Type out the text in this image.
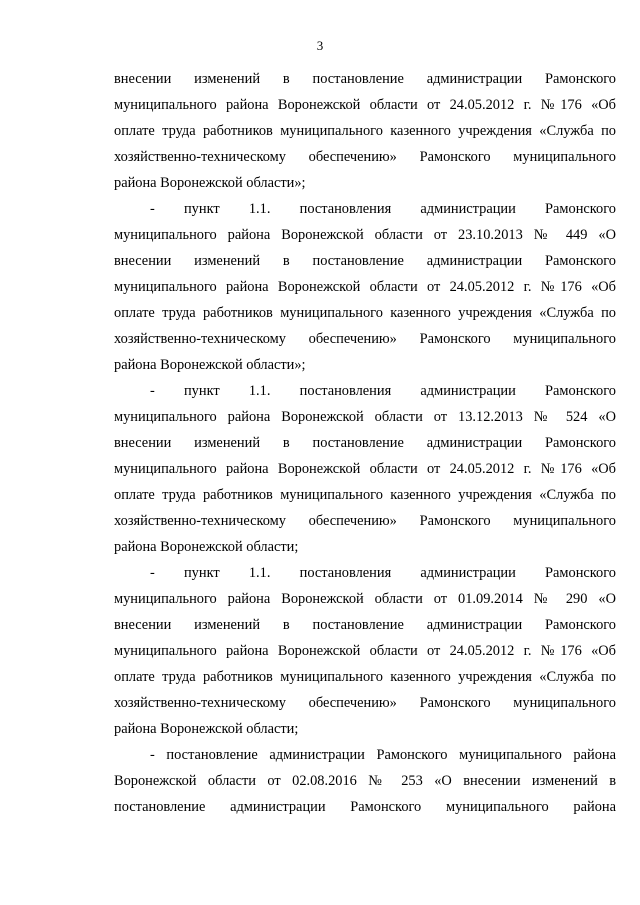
3
внесении изменений в постановление администрации Рамонского
муниципального района Воронежской области от 24.05.2012 г. №176 «Об
оплате труда работников муниципального казенного учреждения «Служба по
хозяйственно-техническому обеспечению» Рамонского муниципального
района Воронежской области»;
- пункт 1.1. постановления администрации Рамонского
муниципального района Воронежской области от 23.10.2013 № 449 «О
внесении изменений в постановление администрации Рамонского
муниципального района Воронежской области от 24.05.2012 г. №176 «Об
оплате труда работников муниципального казенного учреждения «Служба по
хозяйственно-техническому обеспечению» Рамонского муниципального
района Воронежской области»;
- пункт 1.1. постановления администрации Рамонского
муниципального района Воронежской области от 13.12.2013 № 524 «О
внесении изменений в постановление администрации Рамонского
муниципального района Воронежской области от 24.05.2012 г. №176 «Об
оплате труда работников муниципального казенного учреждения «Служба по
хозяйственно-техническому обеспечению» Рамонского муниципального
района Воронежской области;
- пункт 1.1. постановления администрации Рамонского
муниципального района Воронежской области от 01.09.2014 № 290 «О
внесении изменений в постановление администрации Рамонского
муниципального района Воронежской области от 24.05.2012 г. №176 «Об
оплате труда работников муниципального казенного учреждения «Служба по
хозяйственно-техническому обеспечению» Рамонского муниципального
района Воронежской области;
- постановление администрации Рамонского муниципального района
Воронежской области от 02.08.2016 № 253 «О внесении изменений в
постановление администрации Рамонского муниципального района
